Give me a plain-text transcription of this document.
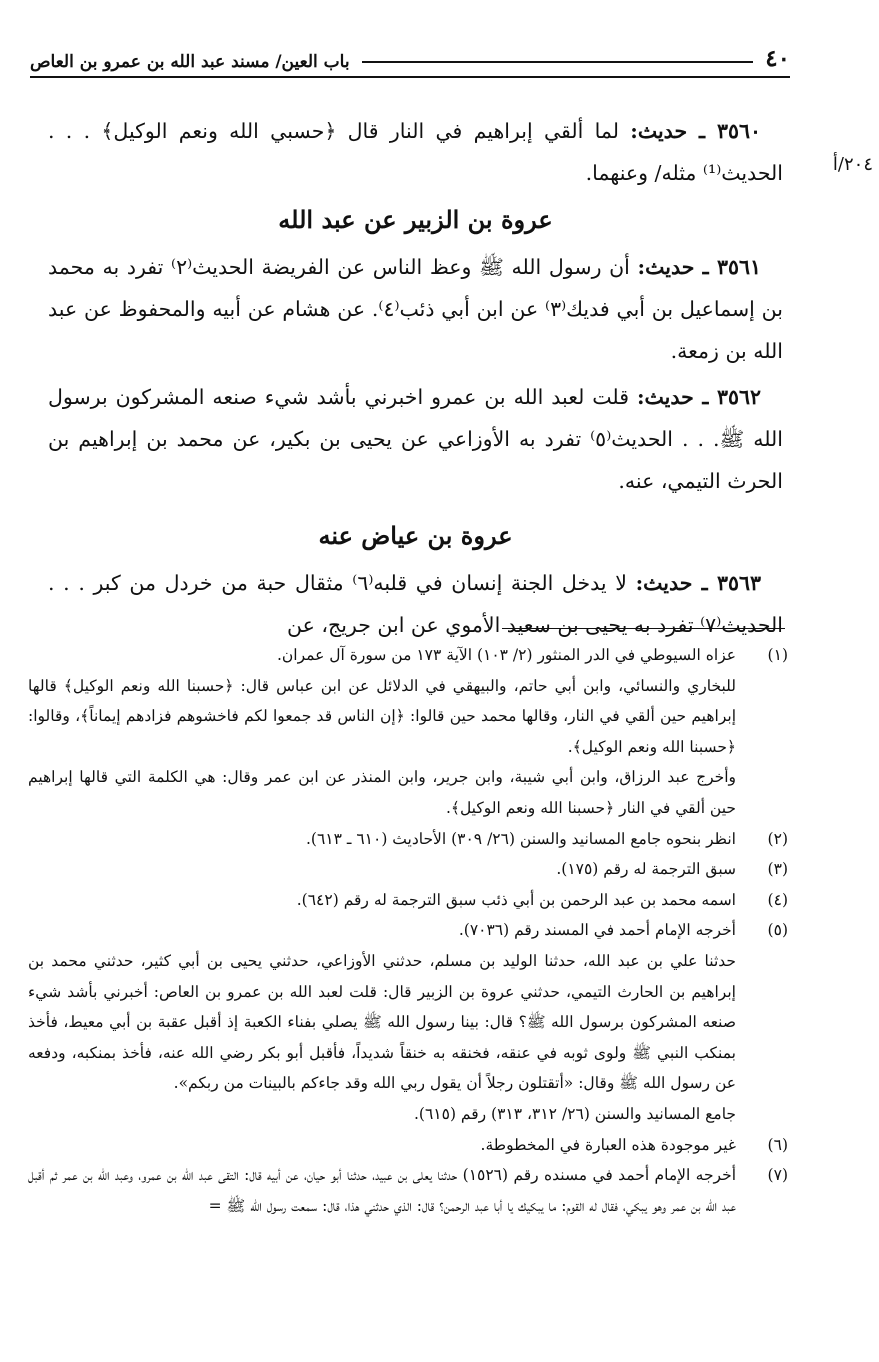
٤٠
باب العين/ مسند عبد الله بن عمرو بن العاص
٢٠٤/أ

٣٥٦٠ ـ حديث: لما ألقي إبراهيم في النار قال ﴿حسبي الله ونعم الوكيل﴾ . . . الحديث⁽¹⁾ مثله/ وعنهما.

عروة بن الزبير عن عبد الله

٣٥٦١ ـ حديث: أن رسول الله ﷺ وعظ الناس عن الفريضة الحديث⁽٢⁾ تفرد به محمد بن إسماعيل بن أبي فديك⁽٣⁾ عن ابن أبي ذئب⁽٤⁾. عن هشام عن أبيه والمحفوظ عن عبد الله بن زمعة.

٣٥٦٢ ـ حديث: قلت لعبد الله بن عمرو اخبرني بأشد شيء صنعه المشركون برسول الله ﷺ. . . الحديث⁽٥⁾ تفرد به الأوزاعي عن يحيى بن بكير، عن محمد بن إبراهيم بن الحرث التيمي، عنه.

عروة بن عياض عنه

٣٥٦٣ ـ حديث: لا يدخل الجنة إنسان في قلبه⁽٦⁾ مثقال حبة من خردل من كبر . . . الحديث⁽٧⁾ تفرد به يحيى بن سعيد الأموي عن ابن جريج، عن

(١)

عزاه السيوطي في الدر المنثور (٢/ ١٠٣) الآية ١٧٣ من سورة آل عمران.

للبخاري والنسائي، وابن أبي حاتم، والبيهقي في الدلائل عن ابن عباس قال: ﴿حسبنا الله ونعم الوكيل﴾ قالها إبراهيم حين ألقي في النار، وقالها محمد حين قالوا: ﴿إن الناس قد جمعوا لكم فاخشوهم فزادهم إيماناً﴾، وقالوا: ﴿حسبنا الله ونعم الوكيل﴾.

وأخرج عبد الرزاق، وابن أبي شيبة، وابن جرير، وابن المنذر عن ابن عمر وقال: هي الكلمة التي قالها إبراهيم حين ألقي في النار ﴿حسبنا الله ونعم الوكيل﴾.

(٢)

انظر بنحوه جامع المسانيد والسنن (٢٦/ ٣٠٩) الأحاديث (٦١٠ ـ ٦١٣).

(٣)

سبق الترجمة له رقم (١٧٥).

(٤)

اسمه محمد بن عبد الرحمن بن أبي ذئب سبق الترجمة له رقم (٦٤٢).

(٥)

أخرجه الإمام أحمد في المسند رقم (٧٠٣٦).

حدثنا علي بن عبد الله، حدثنا الوليد بن مسلم، حدثني الأوزاعي، حدثني يحيى بن أبي كثير، حدثني محمد بن إبراهيم بن الحارث التيمي، حدثني عروة بن الزبير قال: قلت لعبد الله بن عمرو بن العاص: أخبرني بأشد شيء صنعه المشركون برسول الله ﷺ؟ قال: بينا رسول الله ﷺ يصلي بفناء الكعبة إذ أقبل عقبة بن أبي معيط، فأخذ بمنكب النبي ﷺ ولوى ثوبه في عنقه، فخنقه به خنقاً شديداً، فأقبل أبو بكر رضي الله عنه، فأخذ بمنكبه، ودفعه عن رسول الله ﷺ وقال: «أتقتلون رجلاً أن يقول ربي الله وقد جاءكم بالبينات من ربكم».

جامع المسانيد والسنن (٢٦/ ٣١٢، ٣١٣) رقم (٦١٥).

(٦)

غير موجودة هذه العبارة في المخطوطة.

(٧)

أخرجه الإمام أحمد في مسنده رقم (١٥٢٦) حدثنا يعلى بن عبيد، حدثنا أبو حيان، عن أبيه قال: التقى عبد الله بن عمرو، وعبد الله بن عمر ثم أقبل عبد الله بن عمر وهو يبكي، فقال له القوم: ما يبكيك يا أبا عبد الرحمن؟ قال: الذي حدثني هذا، قال: سمعت رسول الله ﷺ =
